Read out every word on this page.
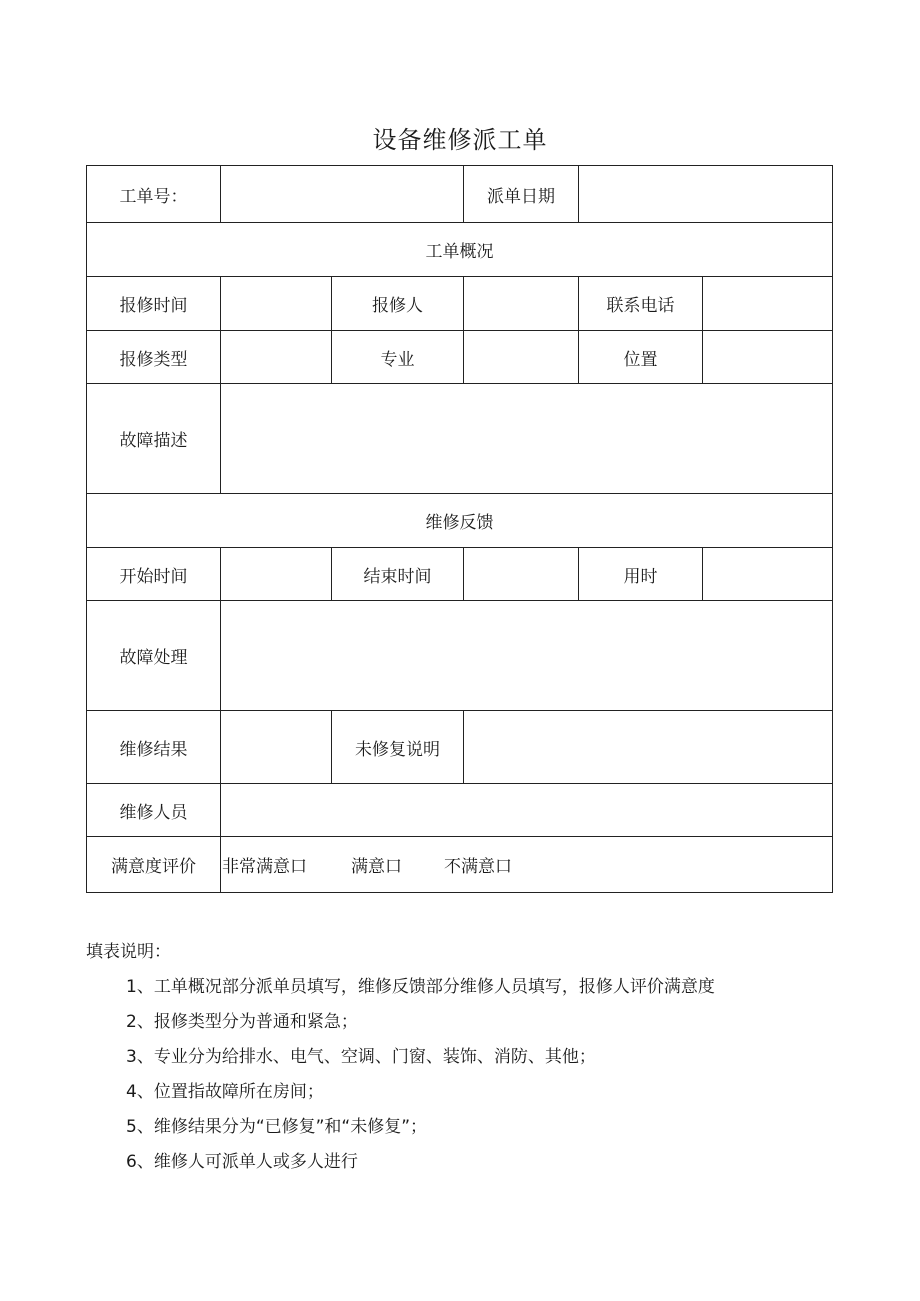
设备维修派工单
工单号：			派单日期		
工单概况					
报修时间		报修人		联系电话	
报修类型		专业		位置	
故障描述					
维修反馈					
开始时间		结束时间		用时	
故障处理					
维修结果		未修复说明			
维修人员					
满意度评价	非常满意口 满意口 不满意口				
填表说明：
1、工单概况部分派单员填写，维修反馈部分维修人员填写，报修人评价满意度
2、报修类型分为普通和紧急；
3、专业分为给排水、电气、空调、门窗、装饰、消防、其他；
4、位置指故障所在房间；
5、维修结果分为“已修复”和“未修复”；
6、维修人可派单人或多人进行
